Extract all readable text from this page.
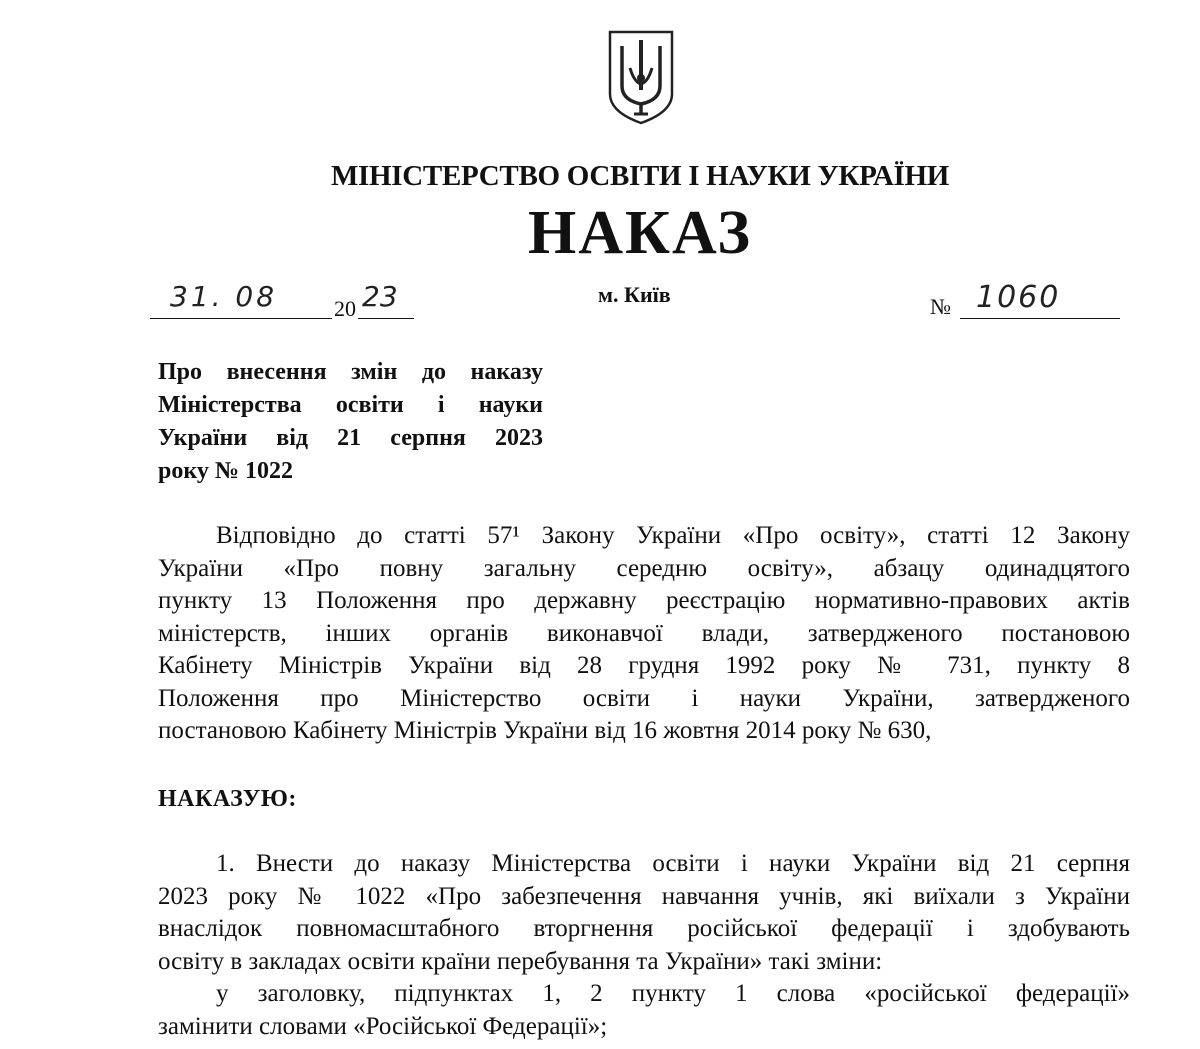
МІНІСТЕРСТВО ОСВІТИ І НАУКИ УКРАЇНИ
НАКАЗ
31. 08	20 23	м. Київ	№ 1060
Про внесення змін до наказу
Міністерства освіти і науки
України від 21 серпня 2023
року № 1022
Відповідно до статті 57¹ Закону України «Про освіту», статті 12 Закону
України «Про повну загальну середню освіту», абзацу одинадцятого
пункту 13 Положення про державну реєстрацію нормативно-правових актів
міністерств, інших органів виконавчої влади, затвердженого постановою
Кабінету Міністрів України від 28 грудня 1992 року № 731, пункту 8
Положення про Міністерство освіти і науки України, затвердженого
постановою Кабінету Міністрів України від 16 жовтня 2014 року № 630,
НАКАЗУЮ:
1. Внести до наказу Міністерства освіти і науки України від 21 серпня
2023 року № 1022 «Про забезпечення навчання учнів, які виїхали з України
внаслідок повномасштабного вторгнення російської федерації і здобувають
освіту в закладах освіти країни перебування та України» такі зміни:
у заголовку, підпунктах 1, 2 пункту 1 слова «російської федерації»
замінити словами «Російської Федерації»;
